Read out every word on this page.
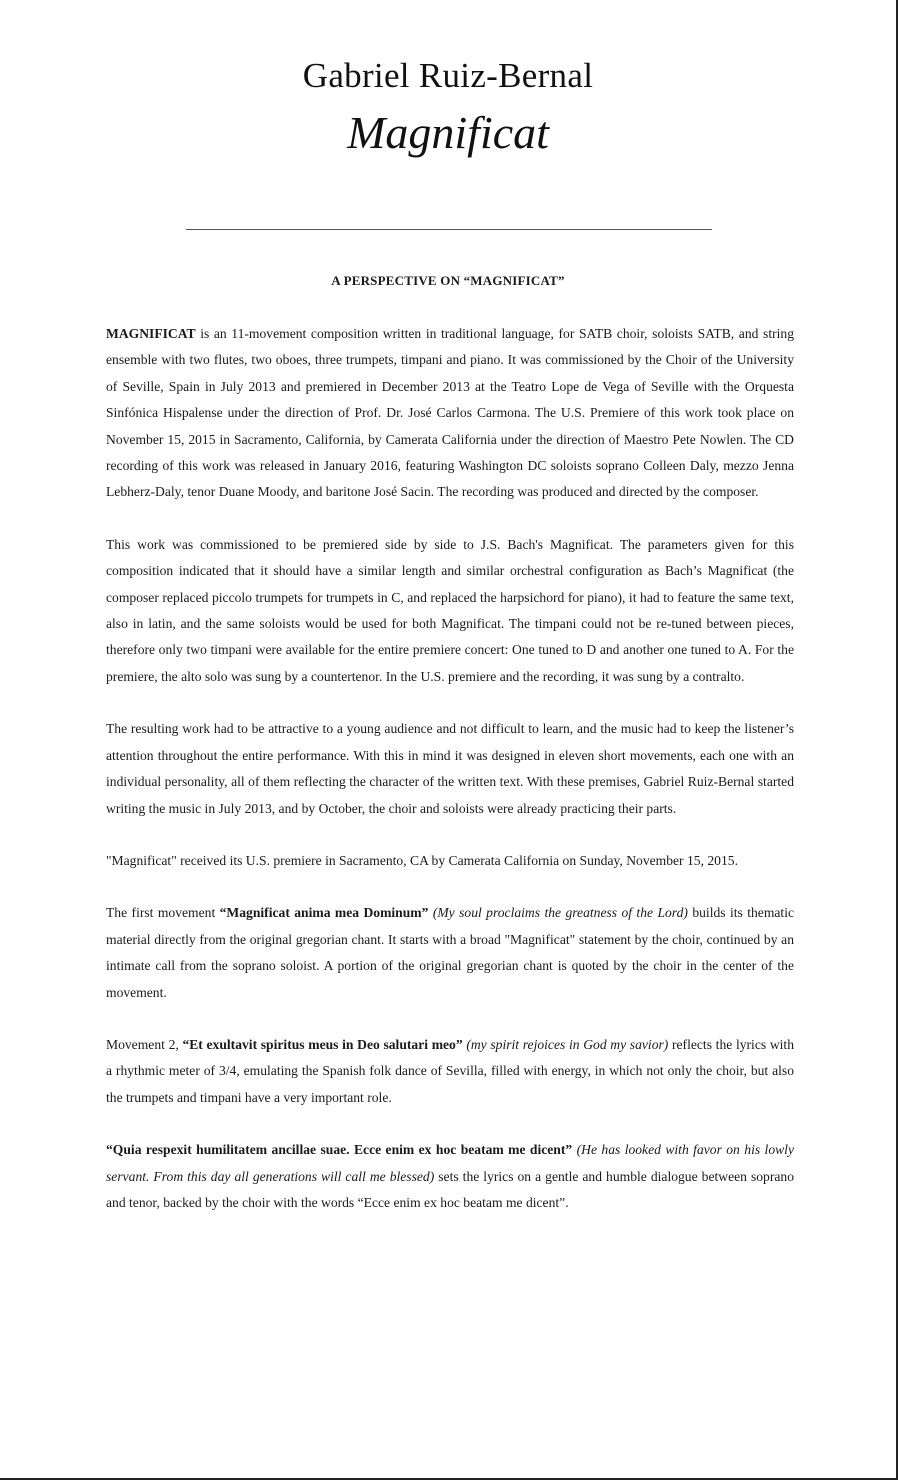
Gabriel Ruiz-Bernal
Magnificat
A PERSPECTIVE ON “MAGNIFICAT”

MAGNIFICAT is an 11-movement composition written in traditional language, for SATB choir, soloists SATB, and string ensemble with two flutes, two oboes, three trumpets, timpani and piano. It was commissioned by the Choir of the University of Seville, Spain in July 2013 and premiered in December 2013 at the Teatro Lope de Vega of Seville with the Orquesta Sinfónica Hispalense under the direction of Prof. Dr. José Carlos Carmona. The U.S. Premiere of this work took place on November 15, 2015 in Sacramento, California, by Camerata California under the direction of Maestro Pete Nowlen. The CD recording of this work was released in January 2016, featuring Washington DC soloists soprano Colleen Daly, mezzo Jenna Lebherz-Daly, tenor Duane Moody, and baritone José Sacin. The recording was produced and directed by the composer.

This work was commissioned to be premiered side by side to J.S. Bach's Magnificat. The parameters given for this composition indicated that it should have a similar length and similar orchestral configuration as Bach’s Magnificat (the composer replaced piccolo trumpets for trumpets in C, and replaced the harpsichord for piano), it had to feature the same text, also in latin, and the same soloists would be used for both Magnificat. The timpani could not be re-tuned between pieces, therefore only two timpani were available for the entire premiere concert: One tuned to D and another one tuned to A. For the premiere, the alto solo was sung by a countertenor. In the U.S. premiere and the recording, it was sung by a contralto.

The resulting work had to be attractive to a young audience and not difficult to learn, and the music had to keep the listener’s attention throughout the entire performance. With this in mind it was designed in eleven short movements, each one with an individual personality, all of them reflecting the character of the written text. With these premises, Gabriel Ruiz-Bernal started writing the music in July 2013, and by October, the choir and soloists were already practicing their parts.

"Magnificat" received its U.S. premiere in Sacramento, CA by Camerata California on Sunday, November 15, 2015.

The first movement “Magnificat anima mea Dominum” (My soul proclaims the greatness of the Lord) builds its thematic material directly from the original gregorian chant. It starts with a broad "Magnificat" statement by the choir, continued by an intimate call from the soprano soloist. A portion of the original gregorian chant is quoted by the choir in the center of the movement.

Movement 2, “Et exultavit spiritus meus in Deo salutari meo” (my spirit rejoices in God my savior) reflects the lyrics with a rhythmic meter of 3/4, emulating the Spanish folk dance of Sevilla, filled with energy, in which not only the choir, but also the trumpets and timpani have a very important role.

“Quia respexit humilitatem ancillae suae. Ecce enim ex hoc beatam me dicent” (He has looked with favor on his lowly servant. From this day all generations will call me blessed) sets the lyrics on a gentle and humble dialogue between soprano and tenor, backed by the choir with the words “Ecce enim ex hoc beatam me dicent”.
